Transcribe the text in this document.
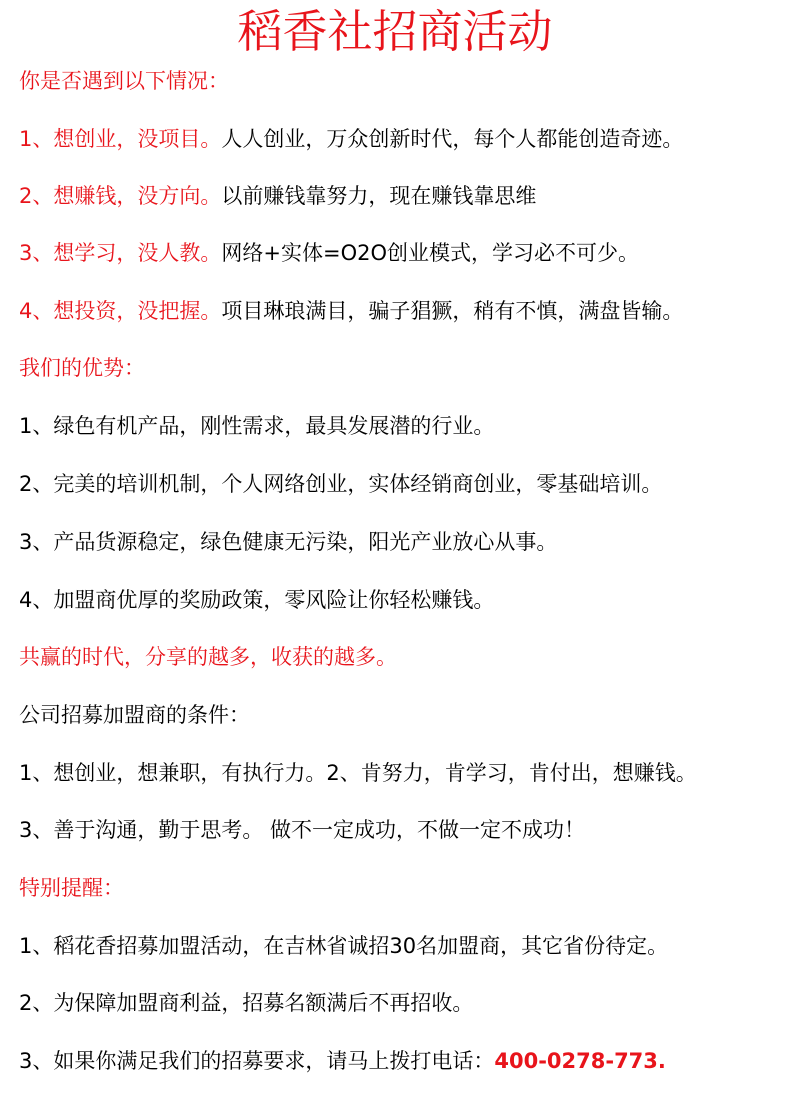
稻香社招商活动
你是否遇到以下情况：
1、想创业，没项目。人人创业，万众创新时代，每个人都能创造奇迹。
2、想赚钱，没方向。以前赚钱靠努力，现在赚钱靠思维
3、想学习，没人教。网络+实体=O2O创业模式，学习必不可少。
4、想投资，没把握。项目琳琅满目，骗子猖獗，稍有不慎，满盘皆输。
我们的优势：
1、绿色有机产品，刚性需求，最具发展潜的行业。
2、完美的培训机制，个人网络创业，实体经销商创业，零基础培训。
3、产品货源稳定，绿色健康无污染，阳光产业放心从事。
4、加盟商优厚的奖励政策，零风险让你轻松赚钱。
共赢的时代，分享的越多，收获的越多。
公司招募加盟商的条件：
1、想创业，想兼职，有执行力。2、肯努力，肯学习，肯付出，想赚钱。
3、善于沟通，勤于思考。 做不一定成功，不做一定不成功！
特别提醒：
1、稻花香招募加盟活动，在吉林省诚招30名加盟商，其它省份待定。
2、为保障加盟商利益，招募名额满后不再招收。
3、如果你满足我们的招募要求，请马上拨打电话：400-0278-773.
